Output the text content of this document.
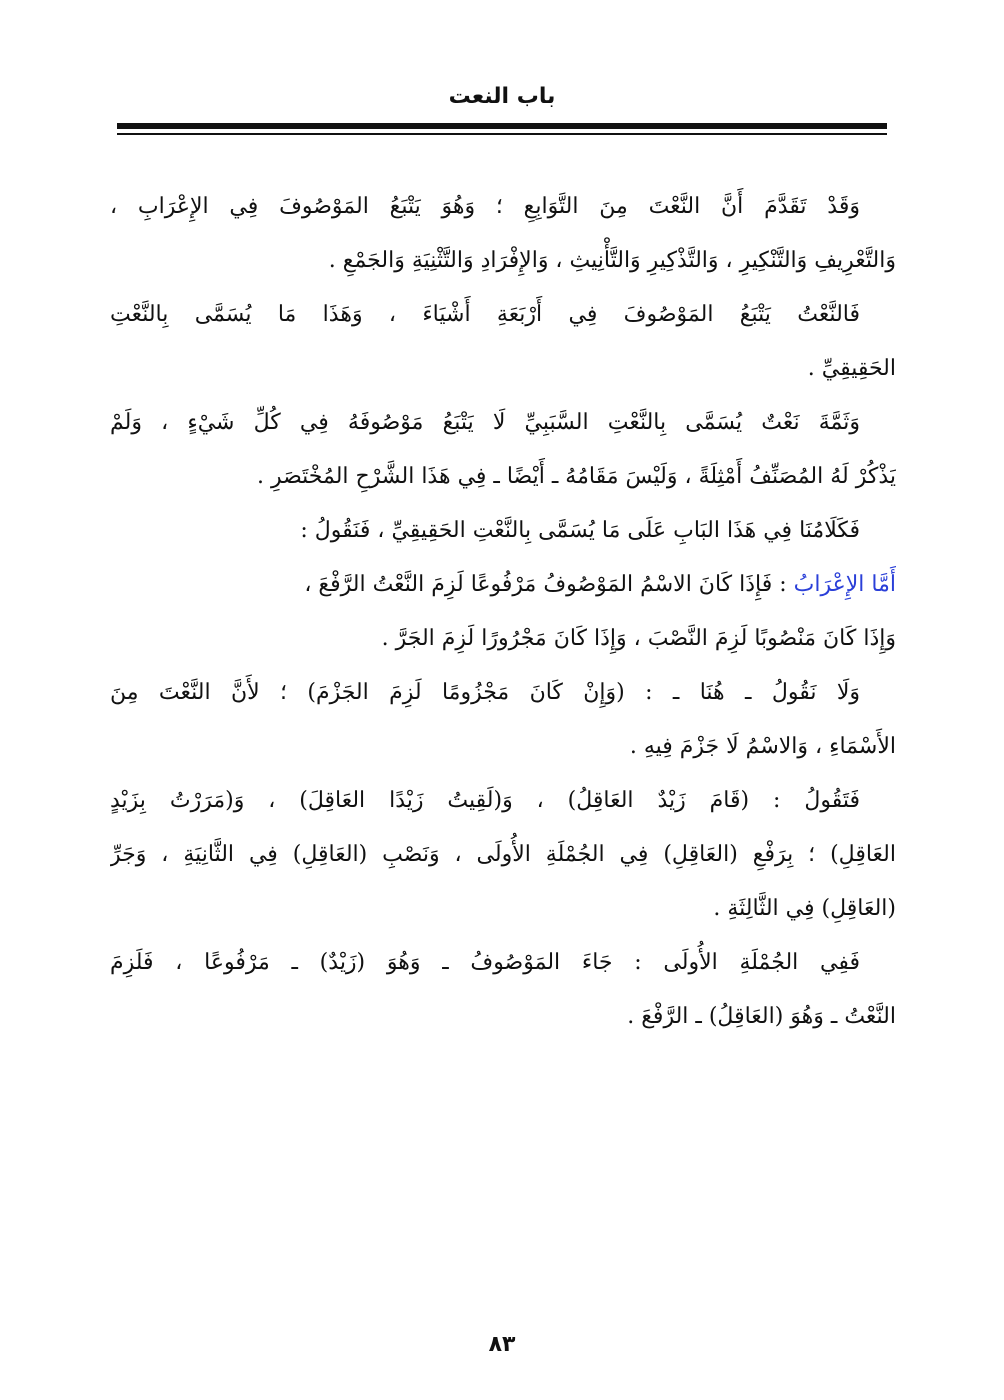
باب النعت
وَقَدْ تَقَدَّمَ أَنَّ النَّعْتَ مِنَ التَّوَابِعِ ؛ وَهُوَ يَتْبَعُ المَوْصُوفَ فِي الإِعْرَابِ ،
وَالتَّعْرِيفِ وَالتَّنْكِيرِ ، وَالتَّذْكِيرِ وَالتَّأْنِيثِ ، وَالإِفْرَادِ وَالتَّثْنِيَةِ وَالجَمْعِ .
فَالنَّعْتُ يَتْبَعُ المَوْصُوفَ فِي أَرْبَعَةِ أَشْيَاءَ ، وَهَذَا مَا يُسَمَّى بِالنَّعْتِ
الحَقِيقِيِّ .
وَثَمَّةَ نَعْتٌ يُسَمَّى بِالنَّعْتِ السَّبَبِيِّ لَا يَتْبَعُ مَوْصُوفَهُ فِي كُلِّ شَيْءٍ ، وَلَمْ
يَذْكُرْ لَهُ المُصَنِّفُ أَمْثِلَةً ، وَلَيْسَ مَقَامُهُ ـ أَيْضًا ـ فِي هَذَا الشَّرْحِ المُخْتَصَرِ .
فَكَلَامُنَا فِي هَذَا البَابِ عَلَى مَا يُسَمَّى بِالنَّعْتِ الحَقِيقِيِّ ، فَنَقُولُ :
أَمَّا الإِعْرَابُ : فَإِذَا كَانَ الاسْمُ المَوْصُوفُ مَرْفُوعًا لَزِمَ النَّعْتُ الرَّفْعَ ،
وَإِذَا كَانَ مَنْصُوبًا لَزِمَ النَّصْبَ ، وَإِذَا كَانَ مَجْرُورًا لَزِمَ الجَرَّ .
وَلَا نَقُولُ ـ هُنَا ـ : (وَإِنْ كَانَ مَجْزُومًا لَزِمَ الجَزْمَ) ؛ لأَنَّ النَّعْتَ مِنَ
الأَسْمَاءِ ، وَالاسْمُ لَا جَزْمَ فِيهِ .
فَتَقُولُ : (قَامَ زَيْدٌ العَاقِلُ) ، وَ(لَقِيتُ زَيْدًا العَاقِلَ) ، وَ(مَرَرْتُ بِزَيْدٍ
العَاقِلِ) ؛ بِرَفْعِ (العَاقِلِ) فِي الجُمْلَةِ الأُولَى ، وَنَصْبِ (العَاقِلِ) فِي الثَّانِيَةِ ، وَجَرِّ
(العَاقِلِ) فِي الثَّالِثَةِ .
فَفِي الجُمْلَةِ الأُولَى : جَاءَ المَوْصُوفُ ـ وَهُوَ (زَيْدٌ) ـ مَرْفُوعًا ، فَلَزِمَ
النَّعْتُ ـ وَهُوَ (العَاقِلُ) ـ الرَّفْعَ .
٨٣
